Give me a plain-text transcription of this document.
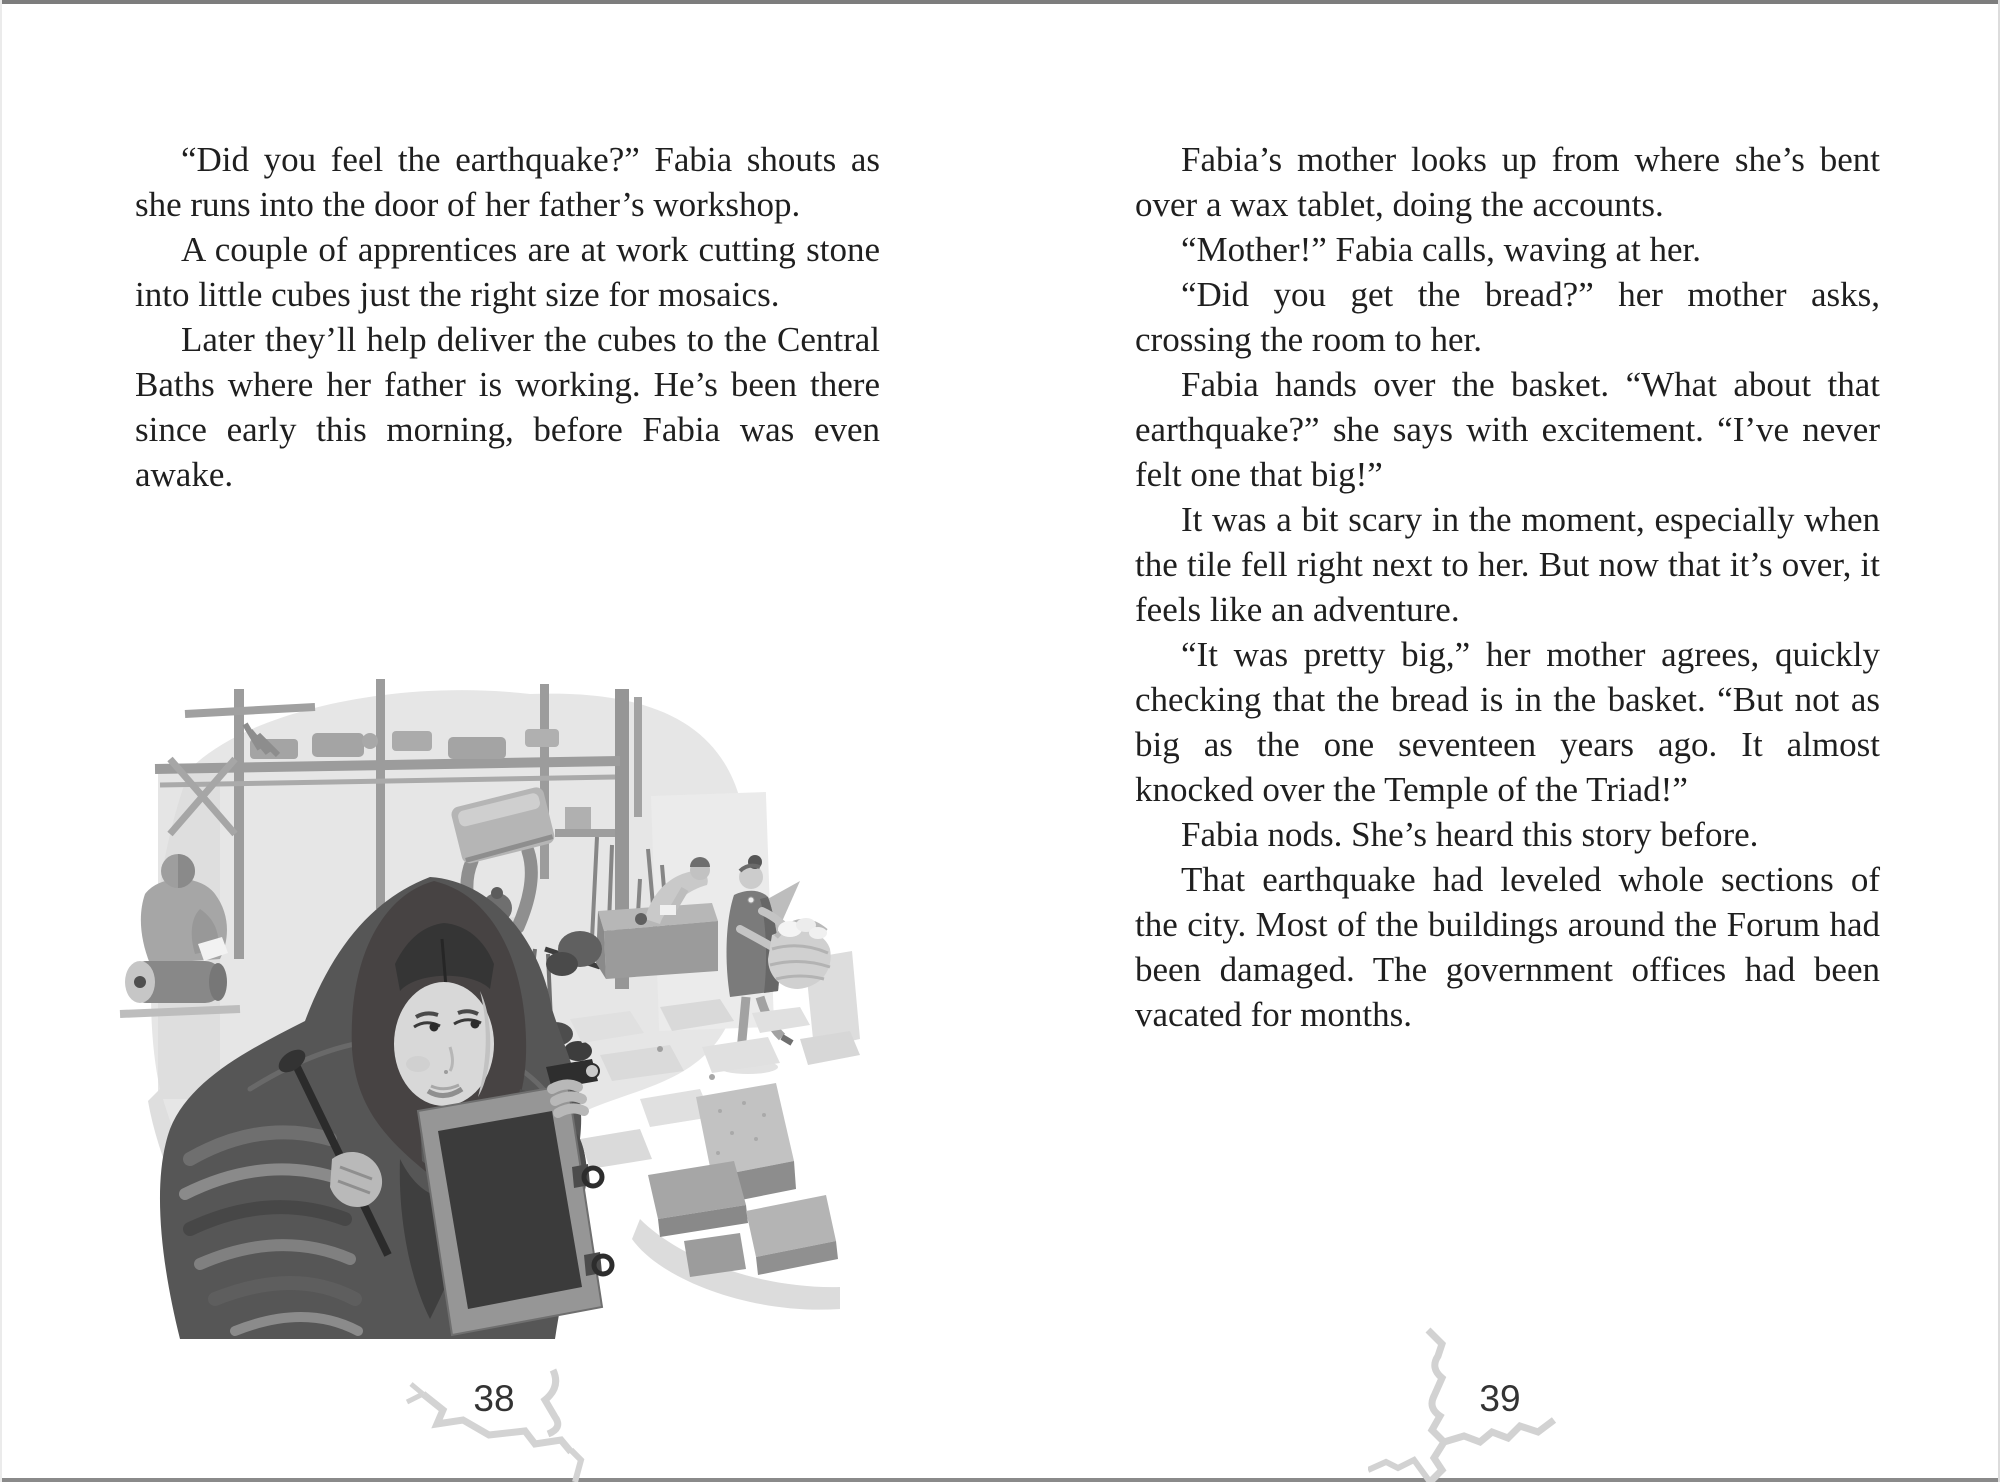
“Did you feel the earthquake?” Fabia shouts as she runs into the door of her father’s workshop.

A couple of apprentices are at work cutting stone into little cubes just the right size for mosaics.

Later they’ll help deliver the cubes to the Central Baths where her father is working. He’s been there since early this morning, before Fabia was even awake.

Fabia’s mother looks up from where she’s bent over a wax tablet, doing the accounts.

“Mother!” Fabia calls, waving at her.

“Did you get the bread?” her mother asks, crossing the room to her.

Fabia hands over the basket. “What about that earthquake?” she says with excitement. “I’ve never felt one that big!”

It was a bit scary in the moment, especially when the tile fell right next to her. But now that it’s over, it feels like an adventure.

“It was pretty big,” her mother agrees, quickly checking that the bread is in the basket. “But not as big as the one seventeen years ago. It almost knocked over the Temple of the Triad!”

Fabia nods. She’s heard this story before.

That earthquake had leveled whole sections of the city. Most of the buildings around the Forum had been damaged. The government offices had been vacated for months.

38	39
